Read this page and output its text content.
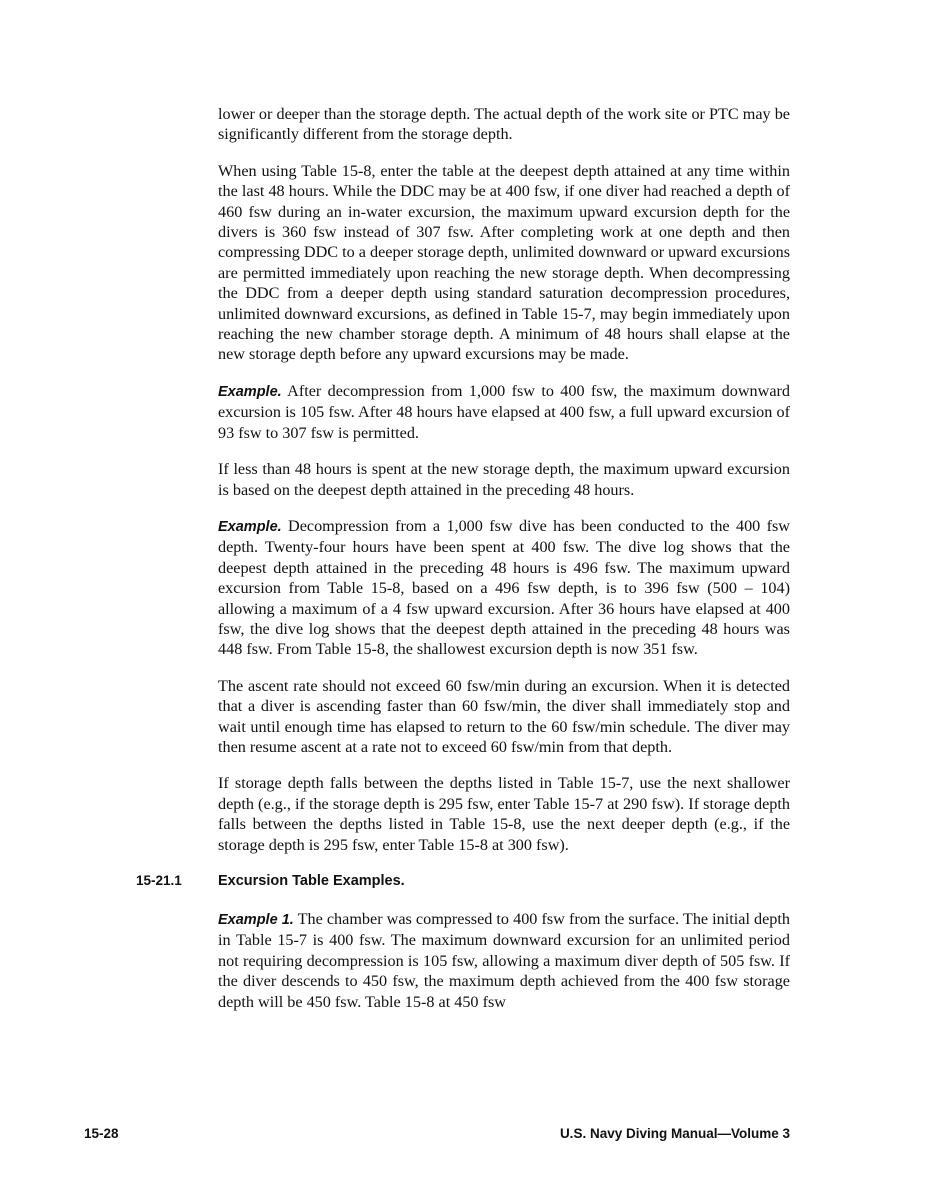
lower or deeper than the storage depth. The actual depth of the work site or PTC may be significantly different from the storage depth.

When using Table 15-8, enter the table at the deepest depth attained at any time within the last 48 hours. While the DDC may be at 400 fsw, if one diver had reached a depth of 460 fsw during an in-water excursion, the maximum upward excursion depth for the divers is 360 fsw instead of 307 fsw. After completing work at one depth and then compressing DDC to a deeper storage depth, unlimited downward or upward excursions are permitted immediately upon reaching the new storage depth. When decompressing the DDC from a deeper depth using standard saturation decompression procedures, unlimited downward excursions, as defined in Table 15-7, may begin immediately upon reaching the new chamber storage depth. A minimum of 48 hours shall elapse at the new storage depth before any upward excursions may be made.

Example. After decompression from 1,000 fsw to 400 fsw, the maximum downward excursion is 105 fsw. After 48 hours have elapsed at 400 fsw, a full upward excursion of 93 fsw to 307 fsw is permitted.

If less than 48 hours is spent at the new storage depth, the maximum upward excursion is based on the deepest depth attained in the preceding 48 hours.

Example. Decompression from a 1,000 fsw dive has been conducted to the 400 fsw depth. Twenty-four hours have been spent at 400 fsw. The dive log shows that the deepest depth attained in the preceding 48 hours is 496 fsw. The maximum upward excursion from Table 15-8, based on a 496 fsw depth, is to 396 fsw (500 – 104) allowing a maximum of a 4 fsw upward excursion. After 36 hours have elapsed at 400 fsw, the dive log shows that the deepest depth attained in the preceding 48 hours was 448 fsw. From Table 15-8, the shallowest excursion depth is now 351 fsw.

The ascent rate should not exceed 60 fsw/min during an excursion. When it is detected that a diver is ascending faster than 60 fsw/min, the diver shall immediately stop and wait until enough time has elapsed to return to the 60 fsw/min schedule. The diver may then resume ascent at a rate not to exceed 60 fsw/min from that depth.

If storage depth falls between the depths listed in Table 15-7, use the next shallower depth (e.g., if the storage depth is 295 fsw, enter Table 15-7 at 290 fsw). If storage depth falls between the depths listed in Table 15-8, use the next deeper depth (e.g., if the storage depth is 295 fsw, enter Table 15-8 at 300 fsw).

15-21.1 Excursion Table Examples.

Example 1. The chamber was compressed to 400 fsw from the surface. The initial depth in Table 15-7 is 400 fsw. The maximum downward excursion for an unlimited period not requiring decompression is 105 fsw, allowing a maximum diver depth of 505 fsw. If the diver descends to 450 fsw, the maximum depth achieved from the 400 fsw storage depth will be 450 fsw. Table 15-8 at 450 fsw

15-28	U.S. Navy Diving Manual—Volume 3
